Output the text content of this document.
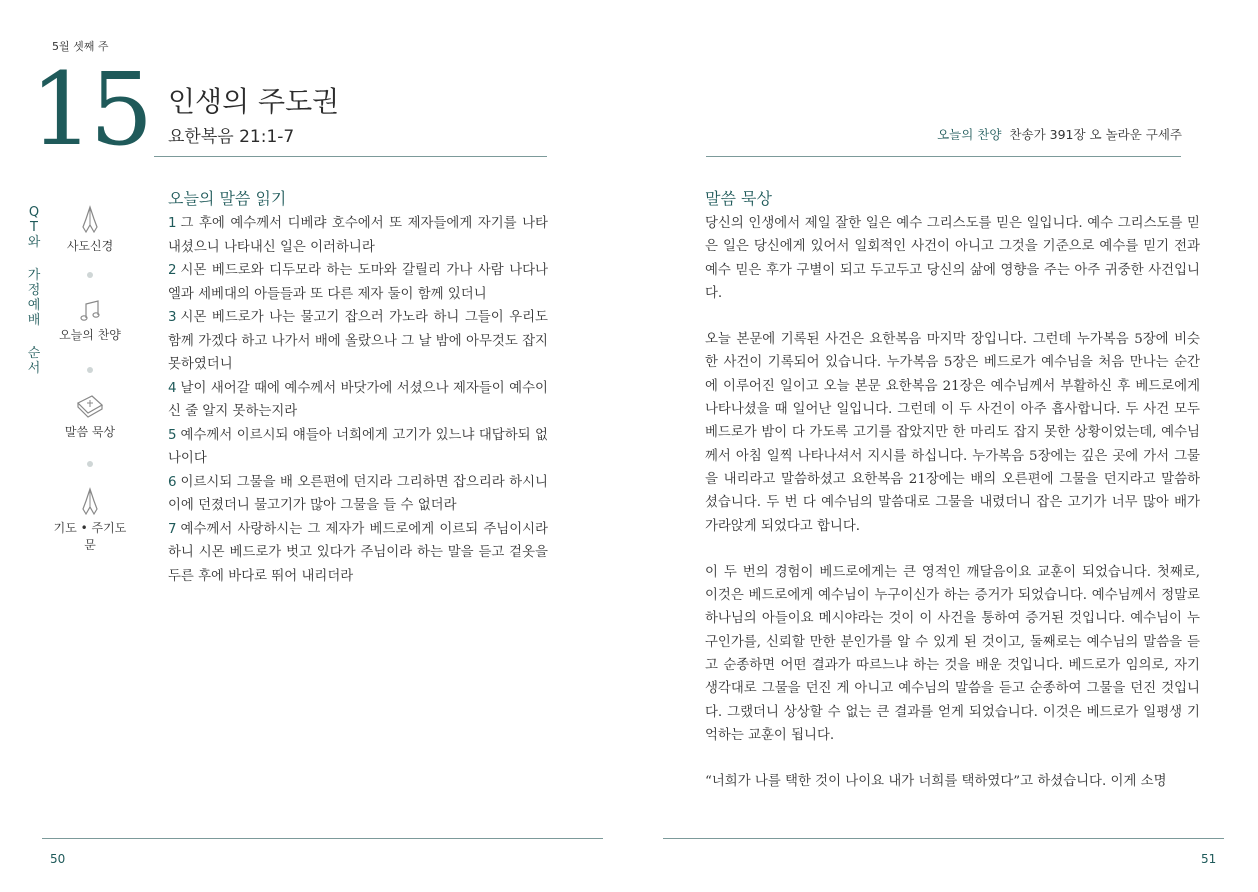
5월 셋째 주
15 인생의 주도권
요한복음 21:1-7
Q
T
와
가
정
예
배
순
서
사도신경
오늘의 찬양
말씀 묵상
기도 • 주기도문
오늘의 말씀 읽기
1 그 후에 예수께서 디베랴 호수에서 또 제자들에게 자기를 나타내셨으니 나타내신 일은 이러하니라
2 시몬 베드로와 디두모라 하는 도마와 갈릴리 가나 사람 나다나엘과 세베대의 아들들과 또 다른 제자 둘이 함께 있더니
3 시몬 베드로가 나는 물고기 잡으러 가노라 하니 그들이 우리도 함께 가겠다 하고 나가서 배에 올랐으나 그 날 밤에 아무것도 잡지 못하였더니
4 날이 새어갈 때에 예수께서 바닷가에 서셨으나 제자들이 예수이신 줄 알지 못하는지라
5 예수께서 이르시되 얘들아 너희에게 고기가 있느냐 대답하되 없나이다
6 이르시되 그물을 배 오른편에 던지라 그리하면 잡으리라 하시니 이에 던졌더니 물고기가 많아 그물을 들 수 없더라
7 예수께서 사랑하시는 그 제자가 베드로에게 이르되 주님이시라 하니 시몬 베드로가 벗고 있다가 주님이라 하는 말을 듣고 겉옷을 두른 후에 바다로 뛰어 내리더라
50
오늘의 찬양 찬송가 391장 오 놀라운 구세주
말씀 묵상

당신의 인생에서 제일 잘한 일은 예수 그리스도를 믿은 일입니다. 예수 그리스도를 믿은 일은 당신에게 있어서 일회적인 사건이 아니고 그것을 기준으로 예수를 믿기 전과 예수 믿은 후가 구별이 되고 두고두고 당신의 삶에 영향을 주는 아주 귀중한 사건입니다.

오늘 본문에 기록된 사건은 요한복음 마지막 장입니다. 그런데 누가복음 5장에 비슷한 사건이 기록되어 있습니다. 누가복음 5장은 베드로가 예수님을 처음 만나는 순간에 이루어진 일이고 오늘 본문 요한복음 21장은 예수님께서 부활하신 후 베드로에게 나타나셨을 때 일어난 일입니다. 그런데 이 두 사건이 아주 흡사합니다. 두 사건 모두 베드로가 밤이 다 가도록 고기를 잡았지만 한 마리도 잡지 못한 상황이었는데, 예수님께서 아침 일찍 나타나셔서 지시를 하십니다. 누가복음 5장에는 깊은 곳에 가서 그물을 내리라고 말씀하셨고 요한복음 21장에는 배의 오른편에 그물을 던지라고 말씀하셨습니다. 두 번 다 예수님의 말씀대로 그물을 내렸더니 잡은 고기가 너무 많아 배가 가라앉게 되었다고 합니다.

이 두 번의 경험이 베드로에게는 큰 영적인 깨달음이요 교훈이 되었습니다. 첫째로, 이것은 베드로에게 예수님이 누구이신가 하는 증거가 되었습니다. 예수님께서 정말로 하나님의 아들이요 메시야라는 것이 이 사건을 통하여 증거된 것입니다. 예수님이 누구인가를, 신뢰할 만한 분인가를 알 수 있게 된 것이고, 둘째로는 예수님의 말씀을 듣고 순종하면 어떤 결과가 따르느냐 하는 것을 배운 것입니다. 베드로가 임의로, 자기 생각대로 그물을 던진 게 아니고 예수님의 말씀을 듣고 순종하여 그물을 던진 것입니다. 그랬더니 상상할 수 없는 큰 결과를 얻게 되었습니다. 이것은 베드로가 일평생 기억하는 교훈이 됩니다.

“너희가 나를 택한 것이 나이요 내가 너희를 택하였다”고 하셨습니다. 이게 소명

51
